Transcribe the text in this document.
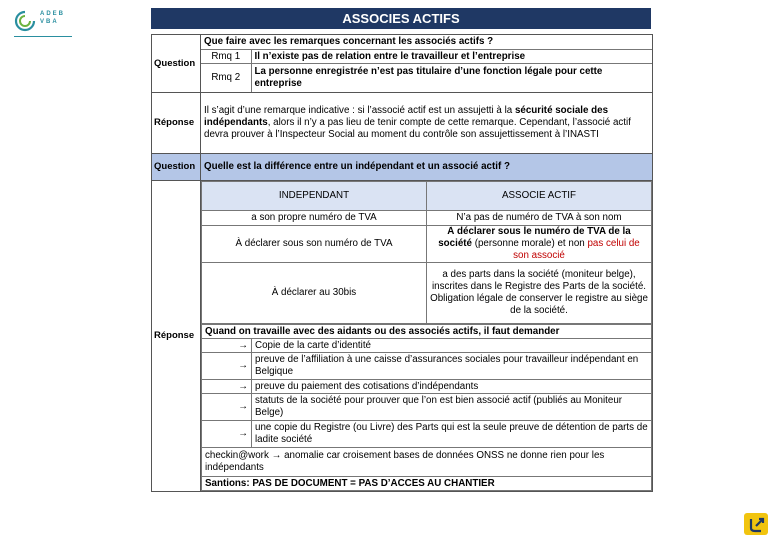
ADEB
VBA	ASSOCIES ACTIFS
Question	
Que faire avec les remarques concernant les associés actifs ?
Rmq 1	Il n’existe pas de relation entre le travailleur et l’entreprise
Rmq 2	La personne enregistrée n’est pas titulaire d’une fonction légale pour cette entreprise

Réponse	Il s’agit d’une remarque indicative : si l’associé actif est un assujetti à la sécurité sociale des indépendants, alors il n’y a pas lieu de tenir compte de cette remarque. Cependant, l’associé actif devra prouver à l’Inspecteur Social au moment du contrôle son assujettissement à l’INASTI
Question	Quelle est la différence entre un indépendant et un associé actif ?
Réponse	
INDEPENDANT	ASSOCIE ACTIF
a son propre numéro de TVA	N’a pas de numéro de TVA à son nom
À déclarer sous son numéro de TVA	À déclarer sous le numéro de TVA de la société (personne morale) et non pas celui de son associé
À déclarer au 30bis	a des parts dans la société (moniteur belge), inscrites dans le Registre des Parts de la société. Obligation légale de conserver le registre au siège de la société.
Quand on travaille avec des aidants ou des associés actifs, il faut demander
→	Copie de la carte d’identité
→	preuve de l’affiliation à une caisse d’assurances sociales pour travailleur indépendant en Belgique
→	preuve du paiement des cotisations d’indépendants
→	statuts de la société pour prouver que l’on est bien associé actif (publiés au Moniteur Belge)
→	une copie du Registre (ou Livre) des Parts qui est la seule preuve de détention de parts de ladite société
checkin@work → anomalie car croisement bases de données ONSS ne donne rien pour les indépendants
Santions: PAS DE DOCUMENT = PAS D’ACCES AU CHANTIER
